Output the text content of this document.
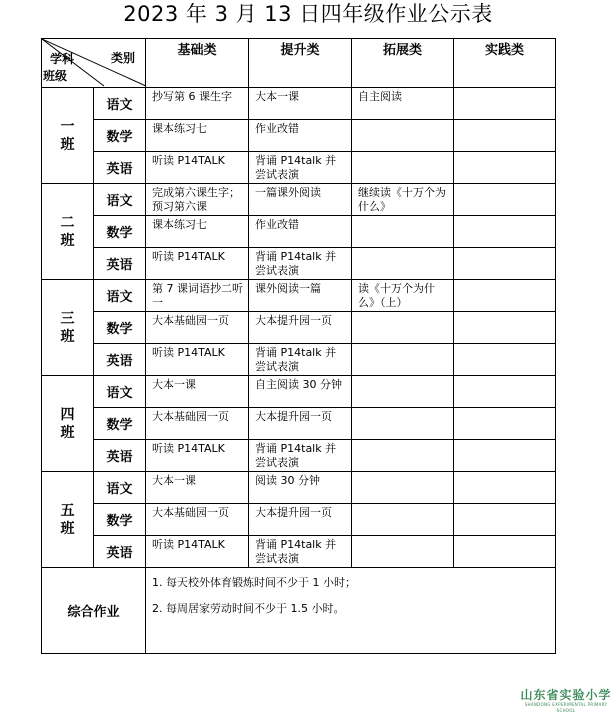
2023 年 3 月 13 日四年级作业公示表
类别
学科
班级		基础类	提升类	拓展类	实践类
一
班	语文	抄写第 6 课生字	大本一课	自主阅读	
	数学	课本练习七	作业改错		
	英语	听读 P14TALK	背诵 P14talk 并尝试表演		
二
班	语文	完成第六课生字；预习第六课	一篇课外阅读	继续读《十万个为什么》	
	数学	课本练习七	作业改错		
	英语	听读 P14TALK	背诵 P14talk 并尝试表演		
三
班	语文	第 7 课词语抄二听一	课外阅读一篇	读《十万个为什么》（上）	
	数学	大本基础园一页	大本提升园一页		
	英语	听读 P14TALK	背诵 P14talk 并尝试表演		
四
班	语文	大本一课	自主阅读 30 分钟		
	数学	大本基础园一页	大本提升园一页		
	英语	听读 P14TALK	背诵 P14talk 并尝试表演		
五
班	语文	大本一课	阅读 30 分钟		
	数学	大本基础园一页	大本提升园一页		
	英语	听读 P14TALK	背诵 P14talk 并尝试表演		
综合作业		1. 每天校外体育锻炼时间不少于 1 小时；
2. 每周居家劳动时间不少于 1.5 小时。			
山东省实验小学
SHANDONG EXPERIMENTAL PRIMARY SCHOOL
